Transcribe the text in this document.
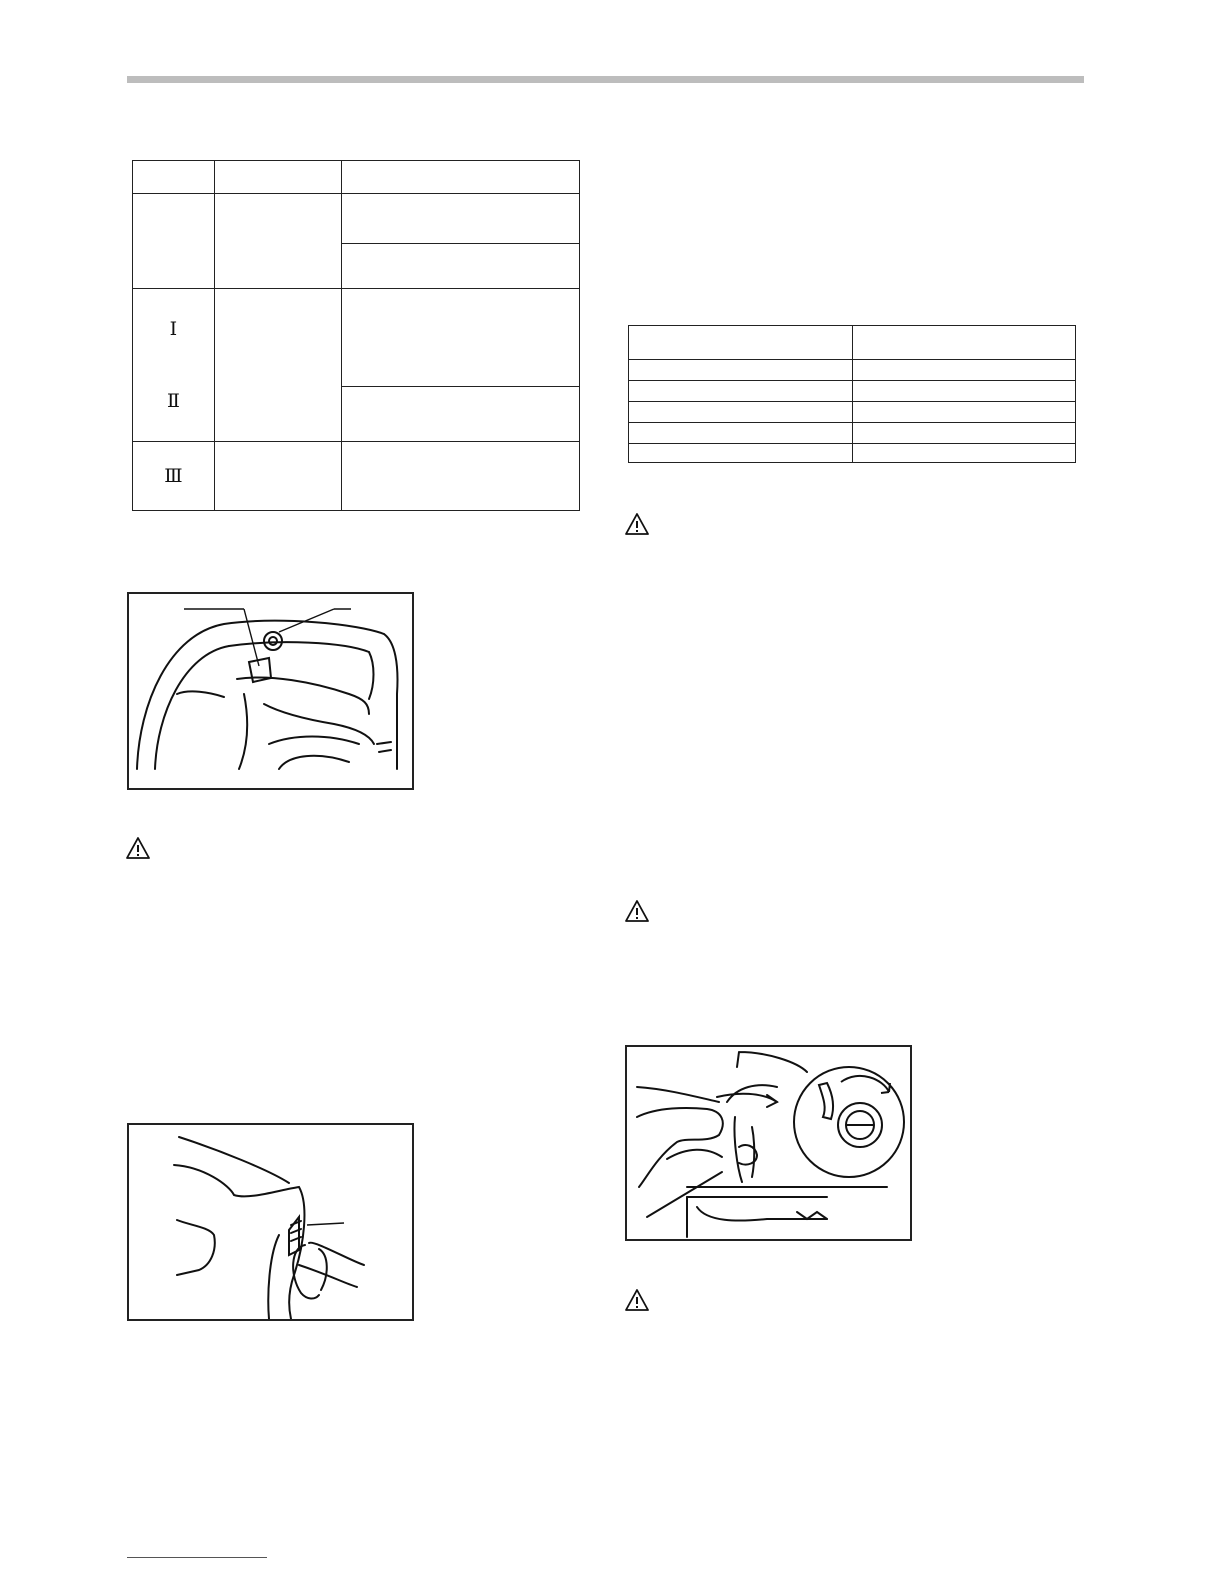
Ⅰ

Ⅱ		

Ⅲ		
